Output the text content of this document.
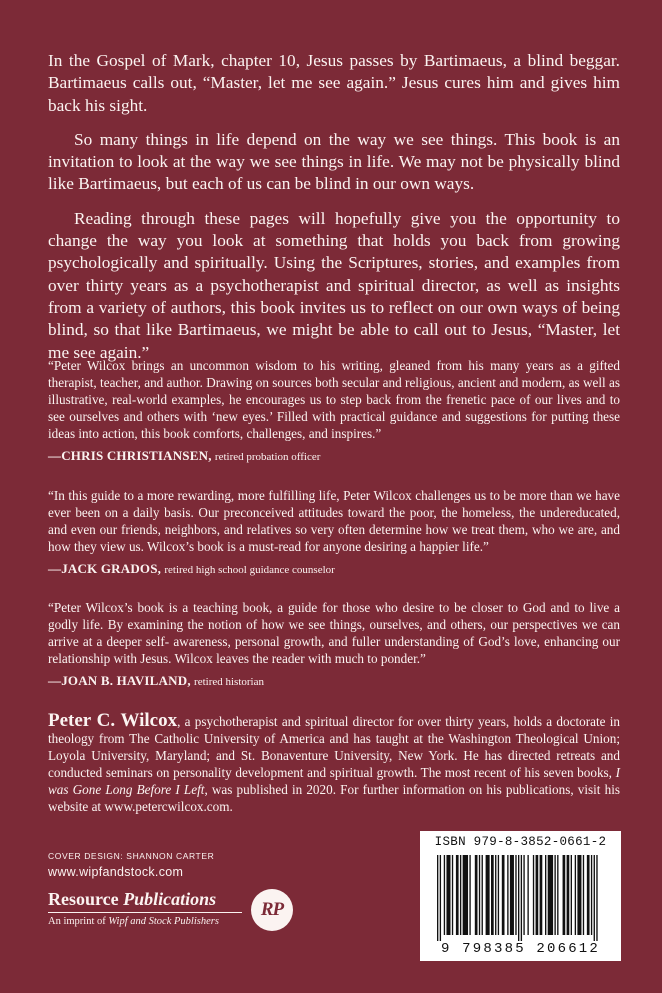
In the Gospel of Mark, chapter 10, Jesus passes by Bartimaeus, a blind beggar. Bartimaeus calls out, “Master, let me see again.” Jesus cures him and gives him back his sight.

So many things in life depend on the way we see things. This book is an invitation to look at the way we see things in life. We may not be physically blind like Bartimaeus, but each of us can be blind in our own ways.

Reading through these pages will hopefully give you the opportunity to change the way you look at something that holds you back from growing psychologically and spiritually. Using the Scriptures, stories, and examples from over thirty years as a psychotherapist and spiritual director, as well as insights from a variety of authors, this book invites us to reflect on our own ways of being blind, so that like Bartimaeus, we might be able to call out to Jesus, “Master, let me see again.”

“Peter Wilcox brings an uncommon wisdom to his writing, gleaned from his many years as a gifted therapist, teacher, and author. Drawing on sources both secular and religious, ancient and modern, as well as illustrative, real-world examples, he encourages us to step back from the frenetic pace of our lives and to see ourselves and others with ‘new eyes.’ Filled with practical guidance and suggestions for putting these ideas into action, this book comforts, challenges, and inspires.”

—CHRIS CHRISTIANSEN, retired probation officer

“In this guide to a more rewarding, more fulfilling life, Peter Wilcox challenges us to be more than we have ever been on a daily basis. Our preconceived attitudes toward the poor, the homeless, the undereducated, and even our friends, neighbors, and relatives so very often determine how we treat them, who we are, and how they view us. Wilcox’s book is a must-read for anyone desiring a happier life.”

—JACK GRADOS, retired high school guidance counselor

“Peter Wilcox’s book is a teaching book, a guide for those who desire to be closer to God and to live a godly life. By examining the notion of how we see things, ourselves, and others, our perspectives we can arrive at a deeper self- awareness, personal growth, and fuller understanding of God’s love, enhancing our relationship with Jesus. Wilcox leaves the reader with much to ponder.”

—JOAN B. HAVILAND, retired historian

Peter C. Wilcox, a psychotherapist and spiritual director for over thirty years, holds a doctorate in theology from The Catholic University of America and has taught at the Washington Theological Union; Loyola University, Maryland; and St. Bonaventure University, New York. He has directed retreats and conducted seminars on personality development and spiritual growth. The most recent of his seven books, I was Gone Long Before I Left, was published in 2020. For further information on his publications, visit his website at www.petercwilcox.com.

COVER DESIGN: SHANNON CARTER
www.wipfandstock.com
Resource Publications
An imprint of Wipf and Stock Publishers
RP
ISBN 979-8-3852-0661-2
9 798385 206612
